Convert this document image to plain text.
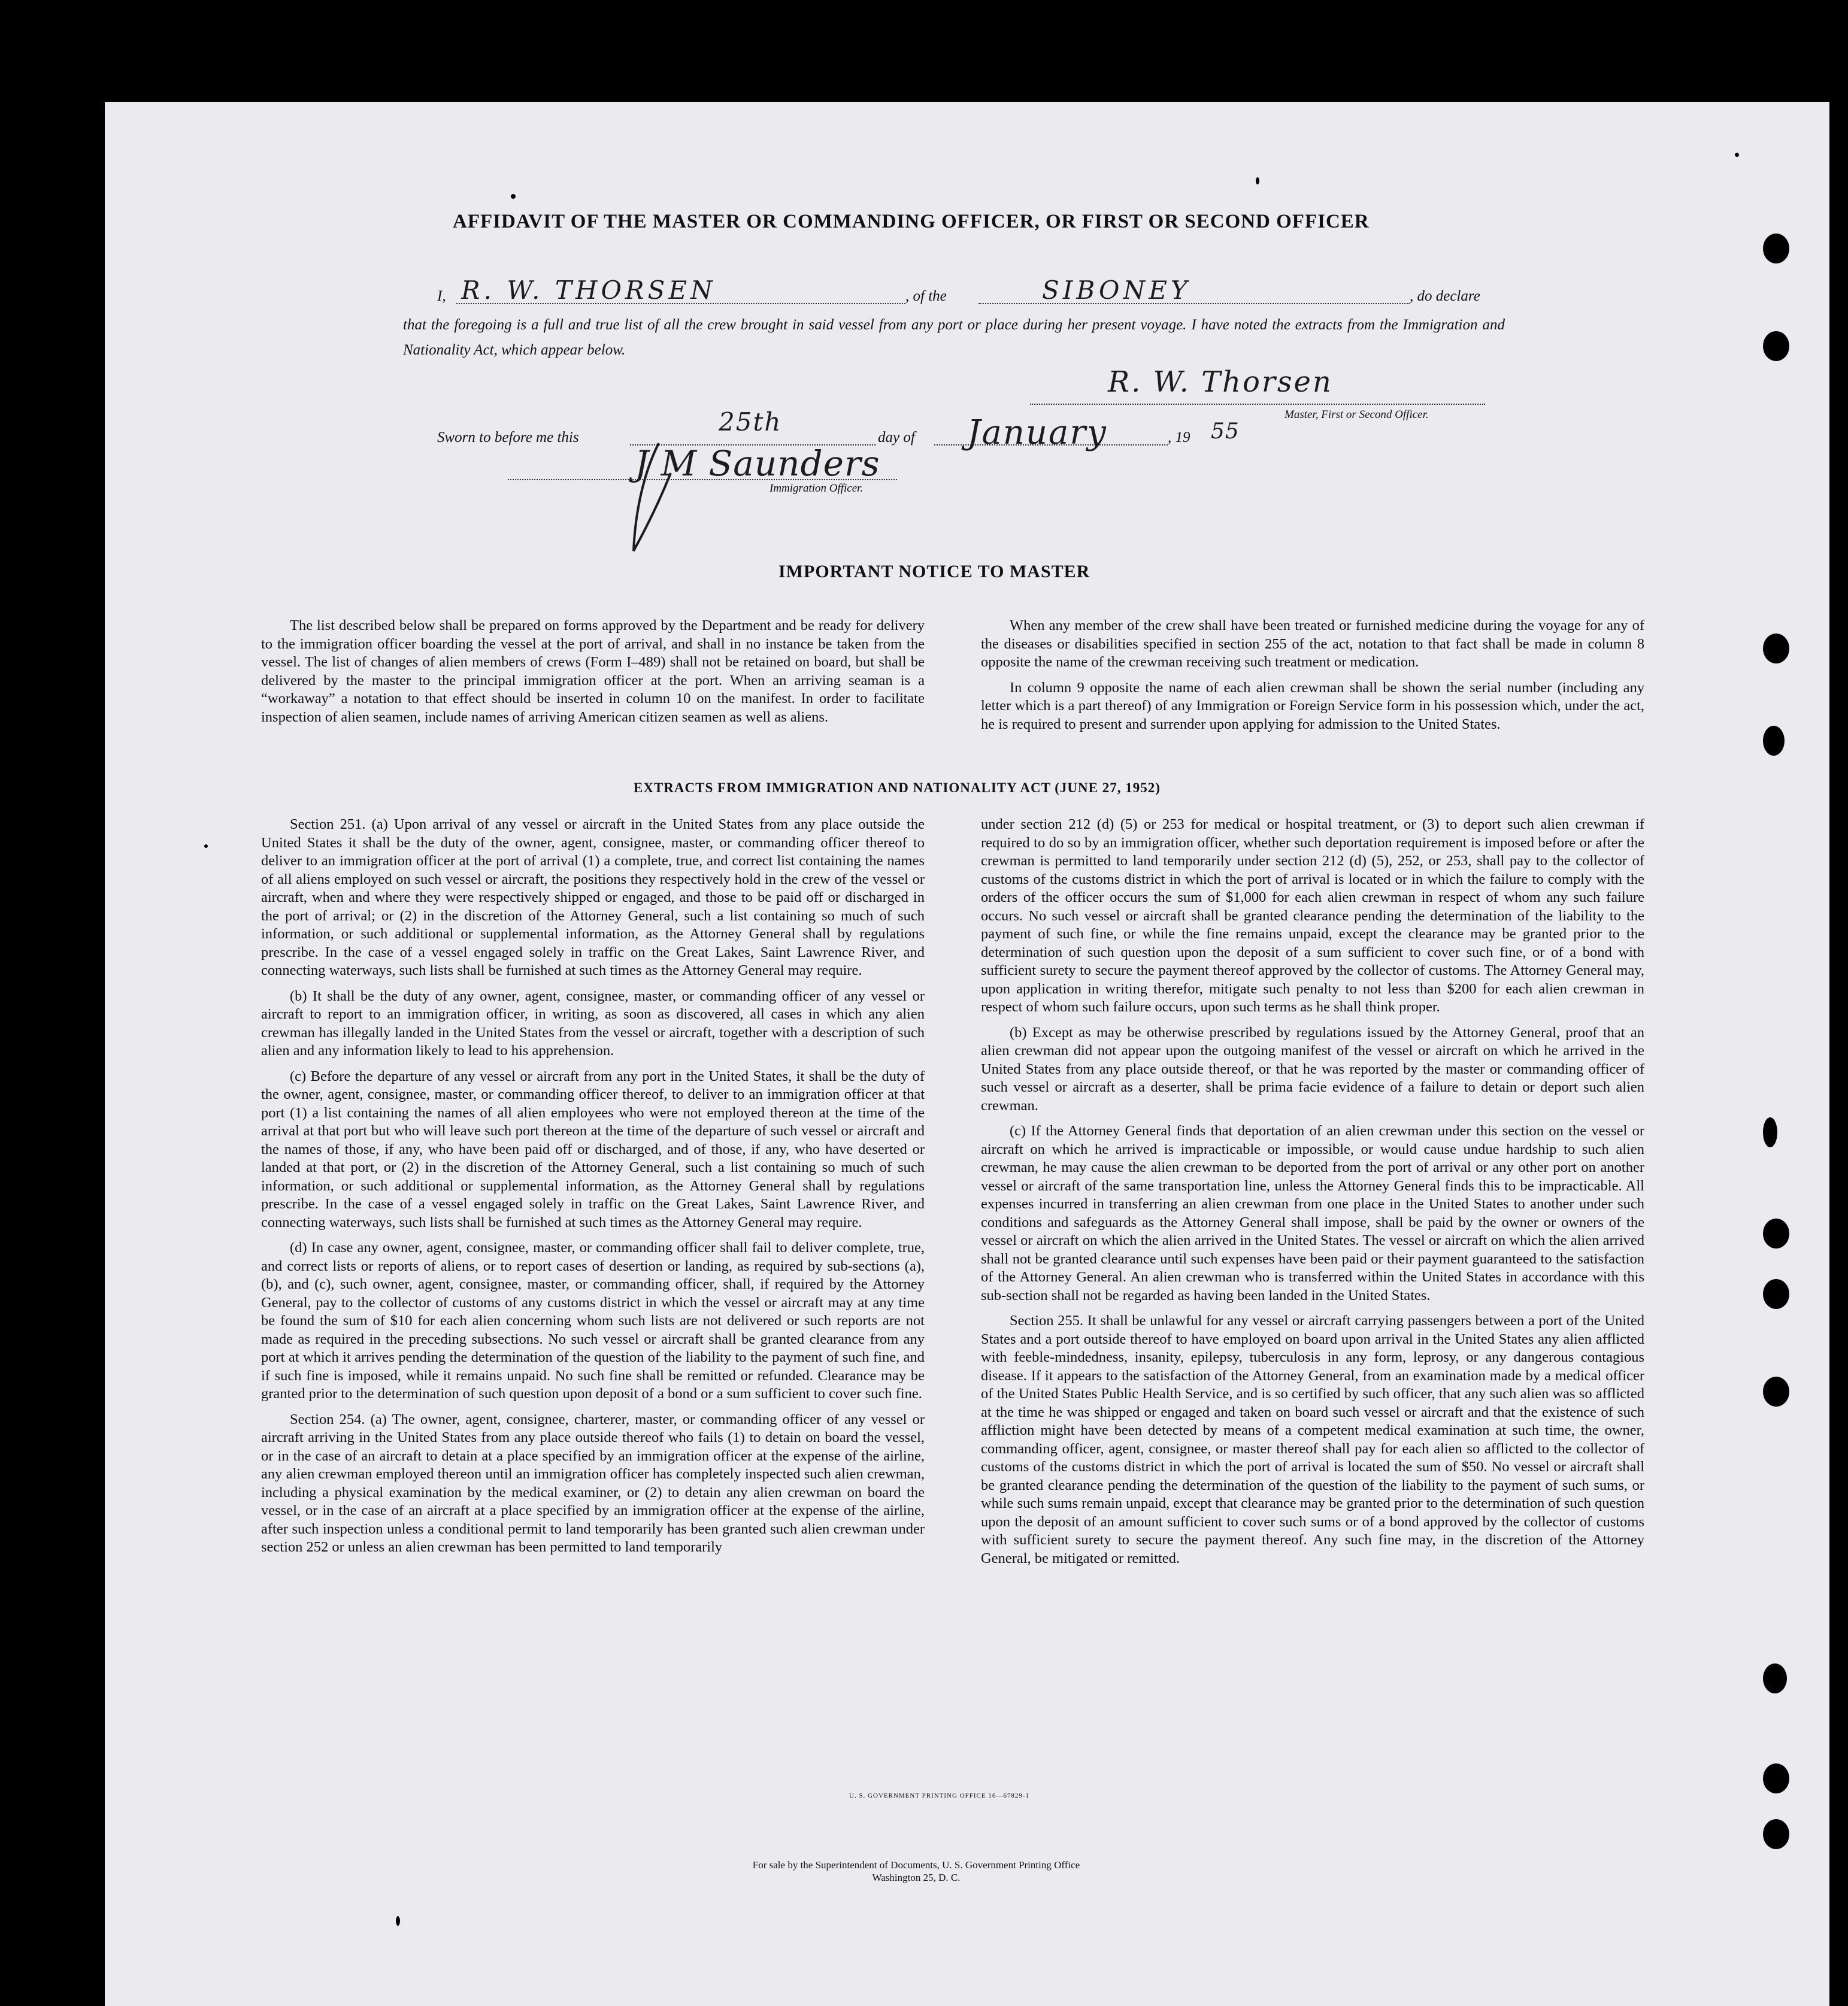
AFFIDAVIT OF THE MASTER OR COMMANDING OFFICER, OR FIRST OR SECOND OFFICER
I, R. W. THORSEN	, of the	SIBONEY	, do declare
that the foregoing is a full and true list of all the crew brought in said vessel from any port or place during her present voyage. I have noted the extracts from the Immigration and Nationality Act, which appear below.
R. W. Thorsen
Master, First or Second Officer.
Sworn to before me this
25th
day of January	, 19 55
J M Saunders
Immigration Officer.
IMPORTANT NOTICE TO MASTER

The list described below shall be prepared on forms approved by the Department and be ready for delivery to the immigration officer boarding the vessel at the port of arrival, and shall in no instance be taken from the vessel. The list of changes of alien members of crews (Form I–489) shall not be retained on board, but shall be delivered by the master to the principal immigration officer at the port. When an arriving seaman is a “workaway” a notation to that effect should be inserted in column 10 on the manifest. In order to facilitate inspection of alien seamen, include names of arriving American citizen seamen as well as aliens.

When any member of the crew shall have been treated or furnished medicine during the voyage for any of the diseases or disabilities specified in section 255 of the act, notation to that fact shall be made in column 8 opposite the name of the crewman receiving such treatment or medication.

In column 9 opposite the name of each alien crewman shall be shown the serial number (including any letter which is a part thereof) of any Immigration or Foreign Service form in his possession which, under the act, he is required to present and surrender upon applying for admission to the United States.

EXTRACTS FROM IMMIGRATION AND NATIONALITY ACT (JUNE 27, 1952)

Section 251. (a) Upon arrival of any vessel or aircraft in the United States from any place outside the United States it shall be the duty of the owner, agent, consignee, master, or commanding officer thereof to deliver to an immigration officer at the port of arrival (1) a complete, true, and correct list containing the names of all aliens employed on such vessel or aircraft, the positions they respectively hold in the crew of the vessel or aircraft, when and where they were respectively shipped or engaged, and those to be paid off or discharged in the port of arrival; or (2) in the discretion of the Attorney General, such a list containing so much of such information, or such additional or supplemental information, as the Attorney General shall by regulations prescribe. In the case of a vessel engaged solely in traffic on the Great Lakes, Saint Lawrence River, and connecting waterways, such lists shall be furnished at such times as the Attorney General may require.

(b) It shall be the duty of any owner, agent, consignee, master, or commanding officer of any vessel or aircraft to report to an immigration officer, in writing, as soon as discovered, all cases in which any alien crewman has illegally landed in the United States from the vessel or aircraft, together with a description of such alien and any information likely to lead to his apprehension.

(c) Before the departure of any vessel or aircraft from any port in the United States, it shall be the duty of the owner, agent, consignee, master, or commanding officer thereof, to deliver to an immigration officer at that port (1) a list containing the names of all alien employees who were not employed thereon at the time of the arrival at that port but who will leave such port thereon at the time of the departure of such vessel or aircraft and the names of those, if any, who have been paid off or discharged, and of those, if any, who have deserted or landed at that port, or (2) in the discretion of the Attorney General, such a list containing so much of such information, or such additional or supplemental information, as the Attorney General shall by regulations prescribe. In the case of a vessel engaged solely in traffic on the Great Lakes, Saint Lawrence River, and connecting waterways, such lists shall be furnished at such times as the Attorney General may require.

(d) In case any owner, agent, consignee, master, or commanding officer shall fail to deliver complete, true, and correct lists or reports of aliens, or to report cases of desertion or landing, as required by sub-sections (a), (b), and (c), such owner, agent, consignee, master, or commanding officer, shall, if required by the Attorney General, pay to the collector of customs of any customs district in which the vessel or aircraft may at any time be found the sum of $10 for each alien concerning whom such lists are not delivered or such reports are not made as required in the preceding subsections. No such vessel or aircraft shall be granted clearance from any port at which it arrives pending the determination of the question of the liability to the payment of such fine, and if such fine is imposed, while it remains unpaid. No such fine shall be remitted or refunded. Clearance may be granted prior to the determination of such question upon deposit of a bond or a sum sufficient to cover such fine.

Section 254. (a) The owner, agent, consignee, charterer, master, or commanding officer of any vessel or aircraft arriving in the United States from any place outside thereof who fails (1) to detain on board the vessel, or in the case of an aircraft to detain at a place specified by an immigration officer at the expense of the airline, any alien crewman employed thereon until an immigration officer has completely inspected such alien crewman, including a physical examination by the medical examiner, or (2) to detain any alien crewman on board the vessel, or in the case of an aircraft at a place specified by an immigration officer at the expense of the airline, after such inspection unless a conditional permit to land temporarily has been granted such alien crewman under section 252 or unless an alien crewman has been permitted to land temporarily

under section 212 (d) (5) or 253 for medical or hospital treatment, or (3) to deport such alien crewman if required to do so by an immigration officer, whether such deportation requirement is imposed before or after the crewman is permitted to land temporarily under section 212 (d) (5), 252, or 253, shall pay to the collector of customs of the customs district in which the port of arrival is located or in which the failure to comply with the orders of the officer occurs the sum of $1,000 for each alien crewman in respect of whom any such failure occurs. No such vessel or aircraft shall be granted clearance pending the determination of the liability to the payment of such fine, or while the fine remains unpaid, except the clearance may be granted prior to the determination of such question upon the deposit of a sum sufficient to cover such fine, or of a bond with sufficient surety to secure the payment thereof approved by the collector of customs. The Attorney General may, upon application in writing therefor, mitigate such penalty to not less than $200 for each alien crewman in respect of whom such failure occurs, upon such terms as he shall think proper.

(b) Except as may be otherwise prescribed by regulations issued by the Attorney General, proof that an alien crewman did not appear upon the outgoing manifest of the vessel or aircraft on which he arrived in the United States from any place outside thereof, or that he was reported by the master or commanding officer of such vessel or aircraft as a deserter, shall be prima facie evidence of a failure to detain or deport such alien crewman.

(c) If the Attorney General finds that deportation of an alien crewman under this section on the vessel or aircraft on which he arrived is impracticable or impossible, or would cause undue hardship to such alien crewman, he may cause the alien crewman to be deported from the port of arrival or any other port on another vessel or aircraft of the same transportation line, unless the Attorney General finds this to be impracticable. All expenses incurred in transferring an alien crewman from one place in the United States to another under such conditions and safeguards as the Attorney General shall impose, shall be paid by the owner or owners of the vessel or aircraft on which the alien arrived in the United States. The vessel or aircraft on which the alien arrived shall not be granted clearance until such expenses have been paid or their payment guaranteed to the satisfaction of the Attorney General. An alien crewman who is transferred within the United States in accordance with this sub-section shall not be regarded as having been landed in the United States.

Section 255. It shall be unlawful for any vessel or aircraft carrying passengers between a port of the United States and a port outside thereof to have employed on board upon arrival in the United States any alien afflicted with feeble-mindedness, insanity, epilepsy, tuberculosis in any form, leprosy, or any dangerous contagious disease. If it appears to the satisfaction of the Attorney General, from an examination made by a medical officer of the United States Public Health Service, and is so certified by such officer, that any such alien was so afflicted at the time he was shipped or engaged and taken on board such vessel or aircraft and that the existence of such affliction might have been detected by means of a competent medical examination at such time, the owner, commanding officer, agent, consignee, or master thereof shall pay for each alien so afflicted to the collector of customs of the customs district in which the port of arrival is located the sum of $50. No vessel or aircraft shall be granted clearance pending the determination of the question of the liability to the payment of such sums, or while such sums remain unpaid, except that clearance may be granted prior to the determination of such question upon the deposit of an amount sufficient to cover such sums or of a bond approved by the collector of customs with sufficient surety to secure the payment thereof. Any such fine may, in the discretion of the Attorney General, be mitigated or remitted.

U. S. GOVERNMENT PRINTING OFFICE 16—67829-1
For sale by the Superintendent of Documents, U. S. Government Printing Office
Washington 25, D. C.
